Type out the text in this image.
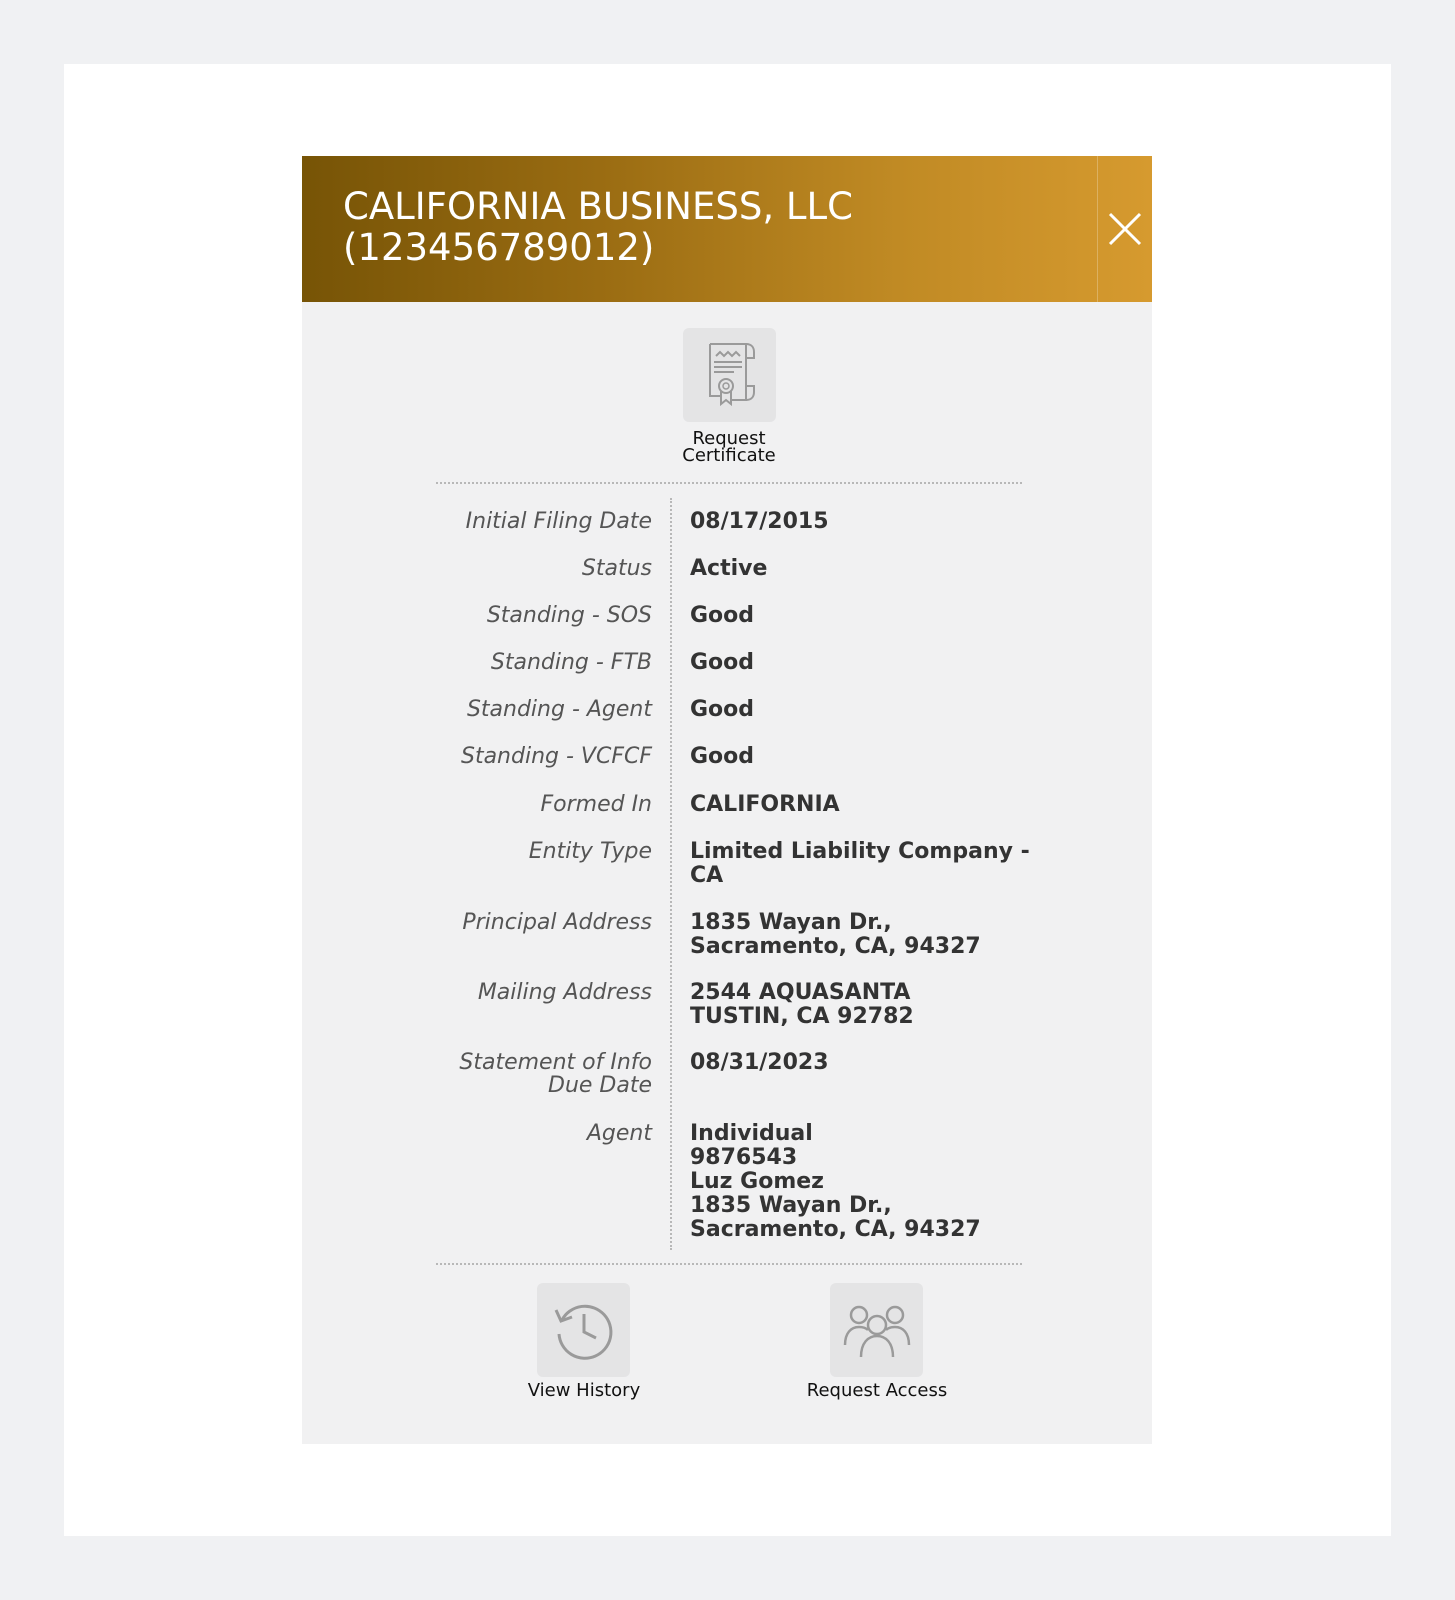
CALIFORNIA BUSINESS, LLC
(123456789012)
Request
Certificate
Initial Filing Date 08/17/2015
Status Active
Standing - SOS Good
Standing - FTB Good
Standing - Agent Good
Standing - VCFCF Good
Formed In CALIFORNIA
Entity Type Limited Liability Company -
CA
Principal Address 1835 Wayan Dr.,
Sacramento, CA, 94327
Mailing Address 2544 AQUASANTA
TUSTIN, CA 92782
Statement of Info
Due Date
08/31/2023
Agent Individual
9876543
Luz Gomez
1835 Wayan Dr.,
Sacramento, CA, 94327
View History	Request Access
